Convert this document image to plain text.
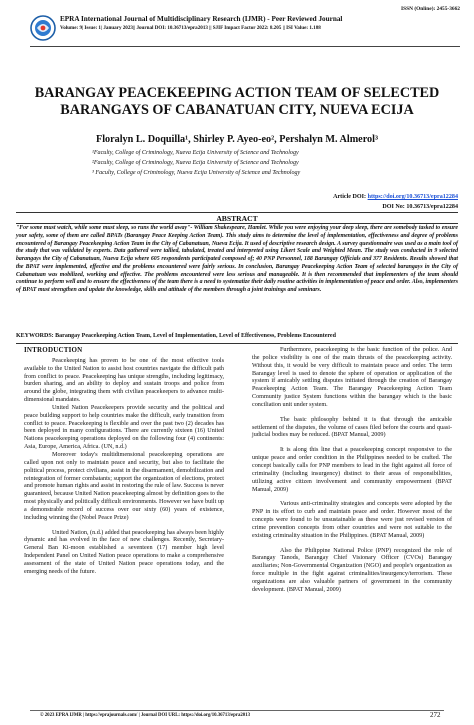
ISSN (Online): 2455-3662
EPRA International Journal of Multidisciplinary Research (IJMR) - Peer Reviewed Journal
Volume: 9| Issue: 1| January 2023|| Journal DOI: 10.36713/epra2013 || SJIF Impact Factor 2022: 8.205 || ISI Value: 1.188
BARANGAY PEACEKEEPING ACTION TEAM OF SELECTED BARANGAYS OF CABANATUAN CITY, NUEVA ECIJA
Floralyn L. Doquilla¹, Shirley P. Ayeo-eo², Pershalyn M. Almerol³
¹Faculty, College of Criminology, Nueva Ecija University of Science and Technology
²Faculty, College of Criminology, Nueva Ecija University of Science and Technology
³ Faculty, College of Criminology, Nueva Ecija University of Science and Technology
Article DOI: https://doi.org/10.36713/epra12284
DOI No: 10.36713/epra12284
ABSTRACT
"For some must watch, while some must sleep, so runs the world away"- William Shakespeare, Hamlet. While you were enjoying your deep sleep, there are somebody tasked to ensure your safety, some of them are called BPATs (Barangay Peace Keeping Action Team). This study aims to determine the level of implementation, effectiveness and degree of problems encountered of Barangay Peacekeeping Action Team in the City of Cabanatuan, Nueva Ecija. It used of descriptive research design. A survey questionnaire was used as a main tool of the study that was validated by experts. Data gathered were tallied, tabulated, treated and interpreted using Likert Scale and Weighted Mean. The study was conducted in 9 selected barangays the City of Cabanatuan, Nueva Ecija where 605 respondents participated composed of; 40 PNP Personnel, 188 Barangay Officials and 377 Residents. Results showed that the BPAT were implemented, effective and the problems encountered were fairly serious. In conclusion, Barangay Peacekeeping Action Team of selected barangays in the City of Cabanatuan was mobilized, working and effective. The problems encountered were less serious and manageable. It is then recommended that implementers of the team should continue to perform well and to ensure the effectiveness of the team there is a need to systematize their daily routine activities in implementation of peace and order. Also, implementers of BPAT must strengthen and update the knowledge, skills and attitude of the members through a joint trainings and seminars.
KEYWORDS: Barangay Peacekeeping Action Team, Level of Implementation, Level of Effectiveness, Problems Encountered
INTRODUCTION

Peacekeeping has proven to be one of the most effective tools available to the United Nation to assist host countries navigate the difficult path from conflict to peace. Peacekeeping has unique strengths, including legitimacy, burden sharing, and an ability to deploy and sustain troops and police from around the globe, integrating them with civilian peacekeepers to advance multi-dimensional mandates.

United Nation Peacekeepers provide security and the political and peace building support to help countries make the difficult, early transition from conflict to peace. Peacekeeping is flexible and over the past two (2) decades has been deployed in many configurations. There are currently sixteen (16) United Nations peacekeeping operations deployed on the following four (4) continents: Asia, Europe, America, Africa. (UN, n.d.)

Moreover today's multidimensional peacekeeping operations are called upon not only to maintain peace and security, but also to facilitate the political process, protect civilians, assist in the disarmament, demobilization and reintegration of former combatants; support the organization of elections, protect and promote human rights and assist in restoring the rule of law. Success is never guaranteed, because United Nation peacekeeping almost by definition goes to the most physically and politically difficult environments. However we have built up a demonstrable record of success over our sixty (60) years of existence, including winning the (Nobel Peace Prize)

United Nation, (n.d.) added that peacekeeping has always been highly dynamic and has evolved in the face of new challenges. Recently, Secretary-General Ban Ki-moon established a seventeen (17) member high level Independent Panel on United Nation peace operations to make a comprehensive assessment of the state of United Nation peace operations today, and the emerging needs of the future.

Furthermore, peacekeeping is the basic function of the police. And the police visibility is one of the main thrusts of the peacekeeping activity. Without this, it would be very difficult to maintain peace and order. The term Barangay level is used to denote the sphere of operation or application of the system if amicably settling disputes initiated through the creation of Barangay Peacekeeping Action Team. The Barangay Peacekeeping Action Team Community justice System functions within the barangay which is the basic conciliation unit under system.

The basic philosophy behind it is that through the amicable settlement of the disputes, the volume of cases filed before the courts and quasi-judicial bodies may be reduced. (BPAT Manual, 2009)

It is along this line that a peacekeeping concept responsive to the unique peace and order condition in the Philippines needed to be crafted. The concept basically calls for PNP members to lead in the fight against all force of criminality (including insurgency) distinct to their areas of responsibilities, utilizing active citizen involvement and community empowerment (BPAT Manual, 2009)

Various anti-criminality strategies and concepts were adopted by the PNP in its effort to curb and maintain peace and order. However most of the concepts were found to be unsustainable as these were just revised version of crime prevention concepts from other countries and were not suitable to the existing criminality situation in the Philippines. (BPAT Manual, 2009)

Also the Philippine National Police (PNP) recognized the role of Barangay Tanods, Barangay Chief Visionary Officer (CVOs) Barangay auxiliaries; Non-Governmental Organization (NGO) and people's organization as force multiple in the fight against criminalities/insurgency/terrorism. These organizations are also valuable partners of government in the community development. (BPAT Manual, 2009)

© 2023 EPRA IJMR | https://eprajournals.com/ | Journal DOI URL: https://doi.org/10.36713/epra2013	272
